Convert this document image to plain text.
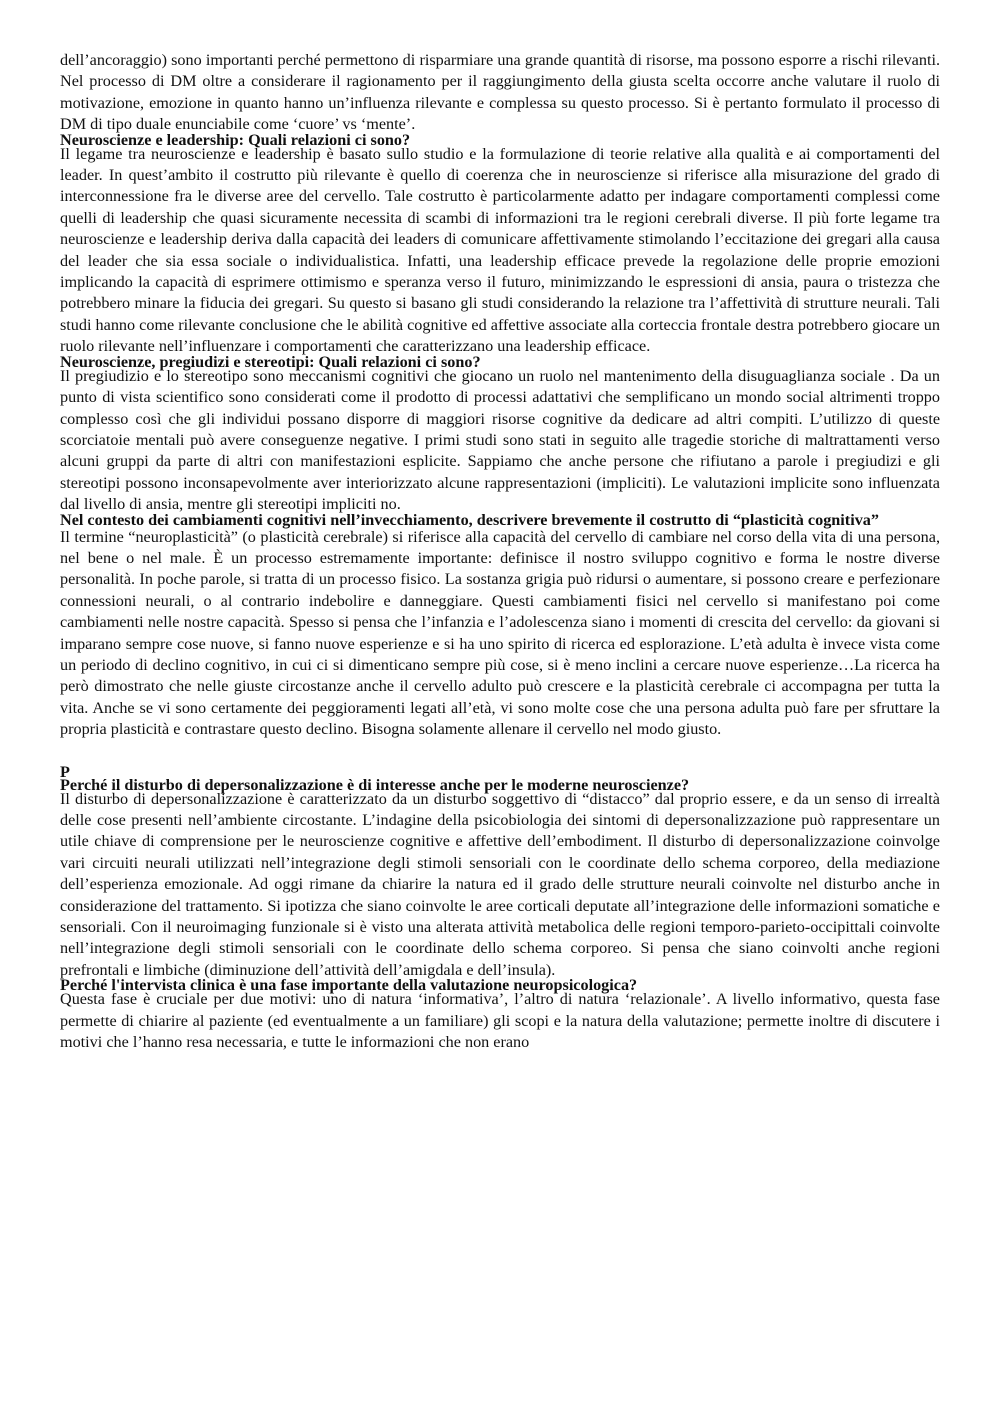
dell’ancoraggio) sono importanti perché permettono di risparmiare una grande quantità di risorse, ma possono esporre a rischi rilevanti. Nel processo di DM oltre a considerare il ragionamento per il raggiungimento della giusta scelta occorre anche valutare il ruolo di motivazione, emozione in quanto hanno un’influenza rilevante e complessa su questo processo. Si è pertanto formulato il processo di DM di tipo duale enunciabile come ‘cuore’ vs ‘mente’.

Neuroscienze e leadership: Quali relazioni ci sono?

Il legame tra neuroscienze e leadership è basato sullo studio e la formulazione di teorie relative alla qualità e ai comportamenti del leader. In quest’ambito il costrutto più rilevante è quello di coerenza che in neuroscienze si riferisce alla misurazione del grado di interconnessione fra le diverse aree del cervello. Tale costrutto è particolarmente adatto per indagare comportamenti complessi come quelli di leadership che quasi sicuramente necessita di scambi di informazioni tra le regioni cerebrali diverse. Il più forte legame tra neuroscienze e leadership deriva dalla capacità dei leaders di comunicare affettivamente stimolando l’eccitazione dei gregari alla causa del leader che sia essa sociale o individualistica. Infatti, una leadership efficace prevede la regolazione delle proprie emozioni implicando la capacità di esprimere ottimismo e speranza verso il futuro, minimizzando le espressioni di ansia, paura o tristezza che potrebbero minare la fiducia dei gregari. Su questo si basano gli studi considerando la relazione tra l’affettività di strutture neurali. Tali studi hanno come rilevante conclusione che le abilità cognitive ed affettive associate alla corteccia frontale destra potrebbero giocare un ruolo rilevante nell’influenzare i comportamenti che caratterizzano una leadership efficace.

Neuroscienze, pregiudizi e stereotipi: Quali relazioni ci sono?

Il pregiudizio e lo stereotipo sono meccanismi cognitivi che giocano un ruolo nel mantenimento della disuguaglianza sociale . Da un punto di vista scientifico sono considerati come il prodotto di processi adattativi che semplificano un mondo social altrimenti troppo complesso così che gli individui possano disporre di maggiori risorse cognitive da dedicare ad altri compiti. L’utilizzo di queste scorciatoie mentali può avere conseguenze negative. I primi studi sono stati in seguito alle tragedie storiche di maltrattamenti verso alcuni gruppi da parte di altri con manifestazioni esplicite. Sappiamo che anche persone che rifiutano a parole i pregiudizi e gli stereotipi possono inconsapevolmente aver interiorizzato alcune rappresentazioni (impliciti). Le valutazioni implicite sono influenzata dal livello di ansia, mentre gli stereotipi impliciti no.

Nel contesto dei cambiamenti cognitivi nell’invecchiamento, descrivere brevemente il costrutto di “plasticità cognitiva”

Il termine “neuroplasticità” (o plasticità cerebrale) si riferisce alla capacità del cervello di cambiare nel corso della vita di una persona, nel bene o nel male. È un processo estremamente importante: definisce il nostro sviluppo cognitivo e forma le nostre diverse personalità. In poche parole, si tratta di un processo fisico. La sostanza grigia può ridursi o aumentare, si possono creare e perfezionare connessioni neurali, o al contrario indebolire e danneggiare. Questi cambiamenti fisici nel cervello si manifestano poi come cambiamenti nelle nostre capacità. Spesso si pensa che l’infanzia e l’adolescenza siano i momenti di crescita del cervello: da giovani si imparano sempre cose nuove, si fanno nuove esperienze e si ha uno spirito di ricerca ed esplorazione. L’età adulta è invece vista come un periodo di declino cognitivo, in cui ci si dimenticano sempre più cose, si è meno inclini a cercare nuove esperienze…La ricerca ha però dimostrato che nelle giuste circostanze anche il cervello adulto può crescere e la plasticità cerebrale ci accompagna per tutta la vita. Anche se vi sono certamente dei peggioramenti legati all’età, vi sono molte cose che una persona adulta può fare per sfruttare la propria plasticità e contrastare questo declino. Bisogna solamente allenare il cervello nel modo giusto.

P

Perché il disturbo di depersonalizzazione è di interesse anche per le moderne neuroscienze?

Il disturbo di depersonalizzazione è caratterizzato da un disturbo soggettivo di “distacco” dal proprio essere, e da un senso di irrealtà delle cose presenti nell’ambiente circostante. L’indagine della psicobiologia dei sintomi di depersonalizzazione può rappresentare un utile chiave di comprensione per le neuroscienze cognitive e affettive dell’embodiment. Il disturbo di depersonalizzazione coinvolge vari circuiti neurali utilizzati nell’integrazione degli stimoli sensoriali con le coordinate dello schema corporeo, della mediazione dell’esperienza emozionale. Ad oggi rimane da chiarire la natura ed il grado delle strutture neurali coinvolte nel disturbo anche in considerazione del trattamento. Si ipotizza che siano coinvolte le aree corticali deputate all’integrazione delle informazioni somatiche e sensoriali. Con il neuroimaging funzionale si è visto una alterata attività metabolica delle regioni temporo-parieto-occipittali coinvolte nell’integrazione degli stimoli sensoriali con le coordinate dello schema corporeo. Si pensa che siano coinvolti anche regioni prefrontali e limbiche (diminuzione dell’attività dell’amigdala e dell’insula).

Perché l'intervista clinica è una fase importante della valutazione neuropsicologica?

Questa fase è cruciale per due motivi: uno di natura ‘informativa’, l’altro di natura ‘relazionale’. A livello informativo, questa fase permette di chiarire al paziente (ed eventualmente a un familiare) gli scopi e la natura della valutazione; permette inoltre di discutere i motivi che l’hanno resa necessaria, e tutte le informazioni che non erano
